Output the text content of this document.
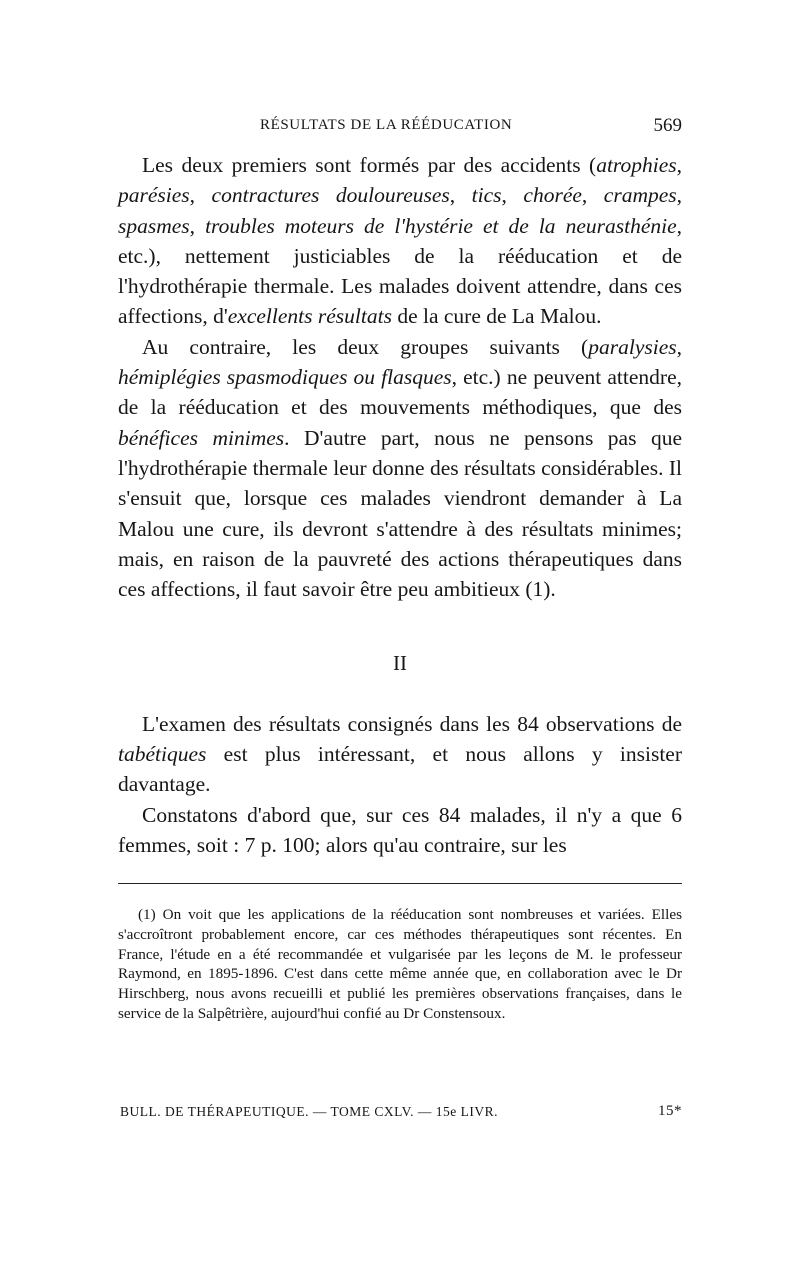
RÉSULTATS DE LA RÉÉDUCATION	569

Les deux premiers sont formés par des accidents (atrophies, parésies, contractures douloureuses, tics, chorée, crampes, spasmes, troubles moteurs de l'hystérie et de la neurasthénie, etc.), nettement justiciables de la rééducation et de l'hydrothérapie thermale. Les malades doivent attendre, dans ces affections, d'excellents résultats de la cure de La Malou.

Au contraire, les deux groupes suivants (paralysies, hémiplégies spasmodiques ou flasques, etc.) ne peuvent attendre, de la rééducation et des mouvements méthodiques, que des bénéfices minimes. D'autre part, nous ne pensons pas que l'hydrothérapie thermale leur donne des résultats considérables. Il s'ensuit que, lorsque ces malades viendront demander à La Malou une cure, ils devront s'attendre à des résultats minimes; mais, en raison de la pauvreté des actions thérapeutiques dans ces affections, il faut savoir être peu ambitieux (1).

II

L'examen des résultats consignés dans les 84 observations de tabétiques est plus intéressant, et nous allons y insister davantage.

Constatons d'abord que, sur ces 84 malades, il n'y a que 6 femmes, soit : 7 p. 100; alors qu'au contraire, sur les

(1) On voit que les applications de la rééducation sont nombreuses et variées. Elles s'accroîtront probablement encore, car ces méthodes thérapeutiques sont récentes. En France, l'étude en a été recommandée et vulgarisée par les leçons de M. le professeur Raymond, en 1895-1896. C'est dans cette même année que, en collaboration avec le Dr Hirschberg, nous avons recueilli et publié les premières observations françaises, dans le service de la Salpêtrière, aujourd'hui confié au Dr Constensoux.

BULL. DE THÉRAPEUTIQUE. — TOME CXLV. — 15e LIVR.	15*
